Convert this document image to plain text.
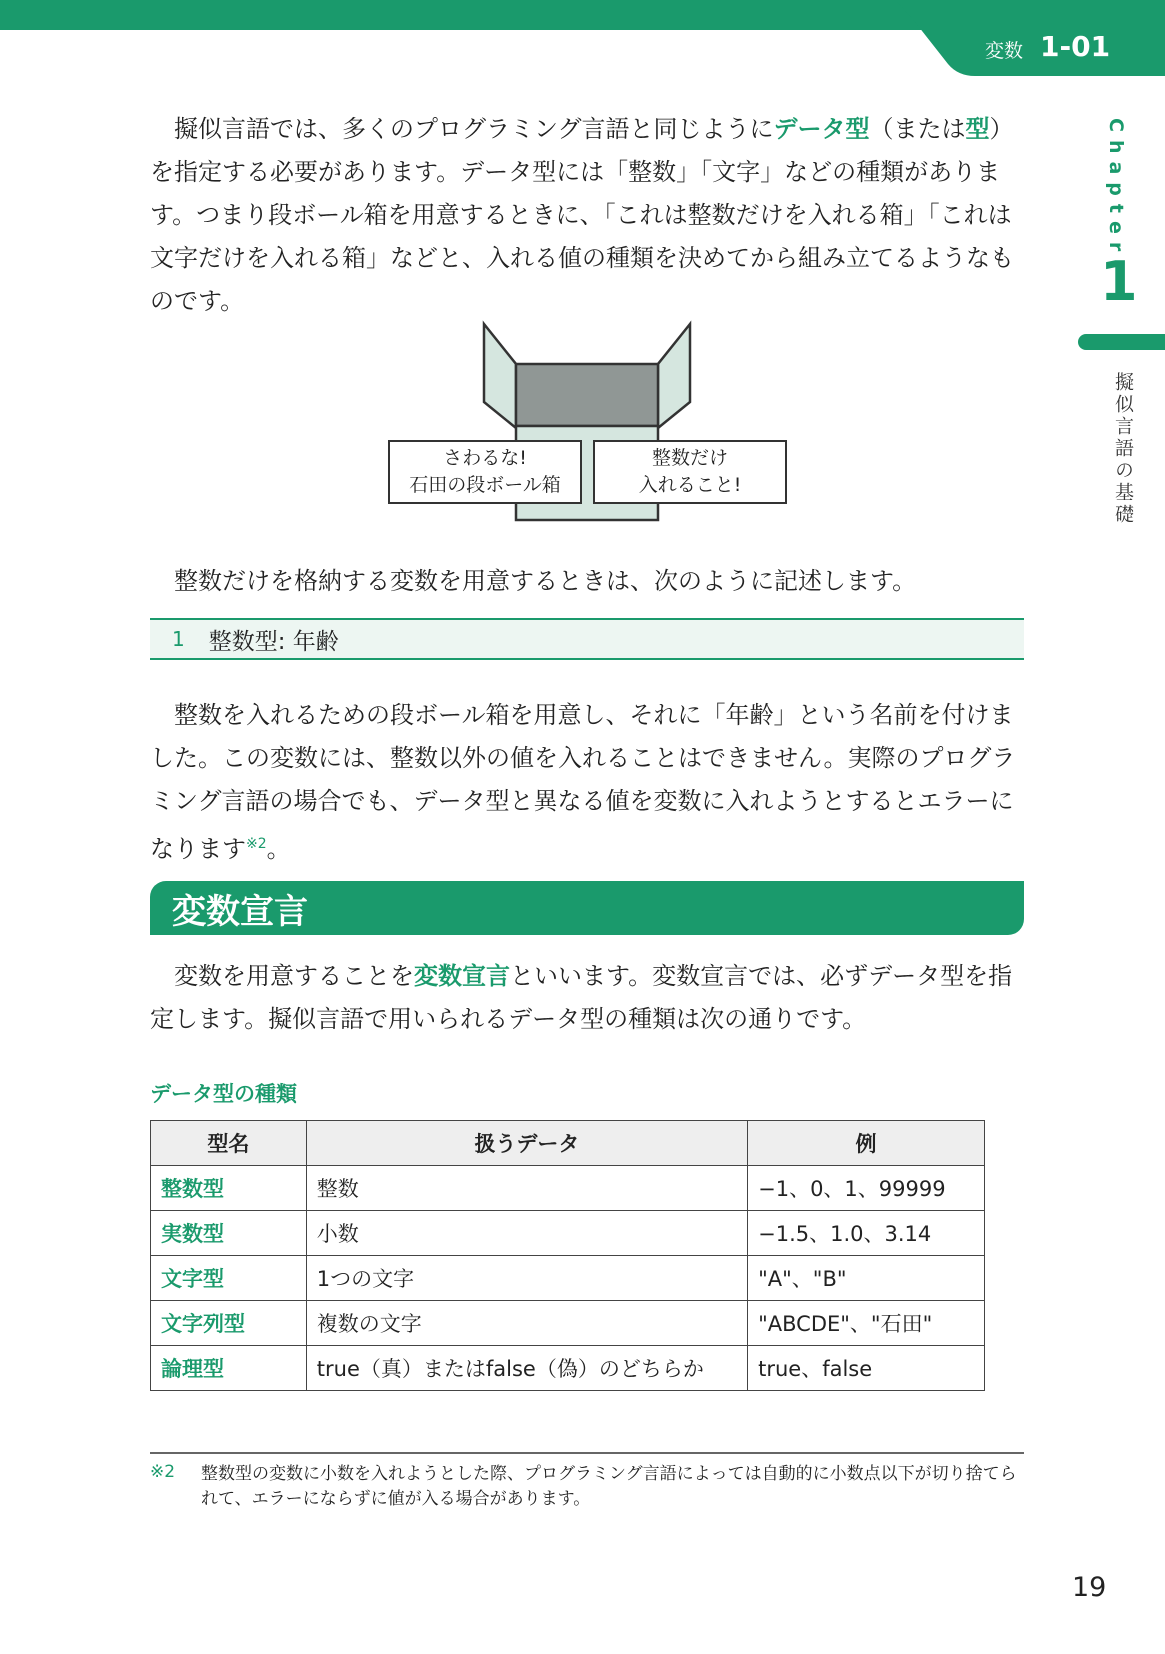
変数 1-01
Chapter
1
擬似言語の基礎
擬似言語では、多くのプログラミング言語と同じようにデータ型（または型）を指定する必要があります。データ型には「整数」「文字」などの種類があります。つまり段ボール箱を用意するときに、「これは整数だけを入れる箱」「これは文字だけを入れる箱」などと、入れる値の種類を決めてから組み立てるようなものです。
さわるな!
石田の段ボール箱
整数だけ
入れること!
整数だけを格納する変数を用意するときは、次のように記述します。
1 整数型: 年齢
整数を入れるための段ボール箱を用意し、それに「年齢」という名前を付けました。この変数には、整数以外の値を入れることはできません。実際のプログラミング言語の場合でも、データ型と異なる値を変数に入れようとするとエラーになります$^{※2}$。
変数宣言
変数を用意することを変数宣言といいます。変数宣言では、必ずデータ型を指定します。擬似言語で用いられるデータ型の種類は次の通りです。
データ型の種類
型名	扱うデータ	例
整数型	整数	−1、0、1、99999
実数型	小数	−1.5、1.0、3.14
文字型	1つの文字	"A"、"B"
文字列型	複数の文字	"ABCDE"、"石田"
論理型	true（真）またはfalse（偽）のどちらか	true、false
※2 整数型の変数に小数を入れようとした際、プログラミング言語によっては自動的に小数点以下が切り捨てられて、エラーにならずに値が入る場合があります。
19
